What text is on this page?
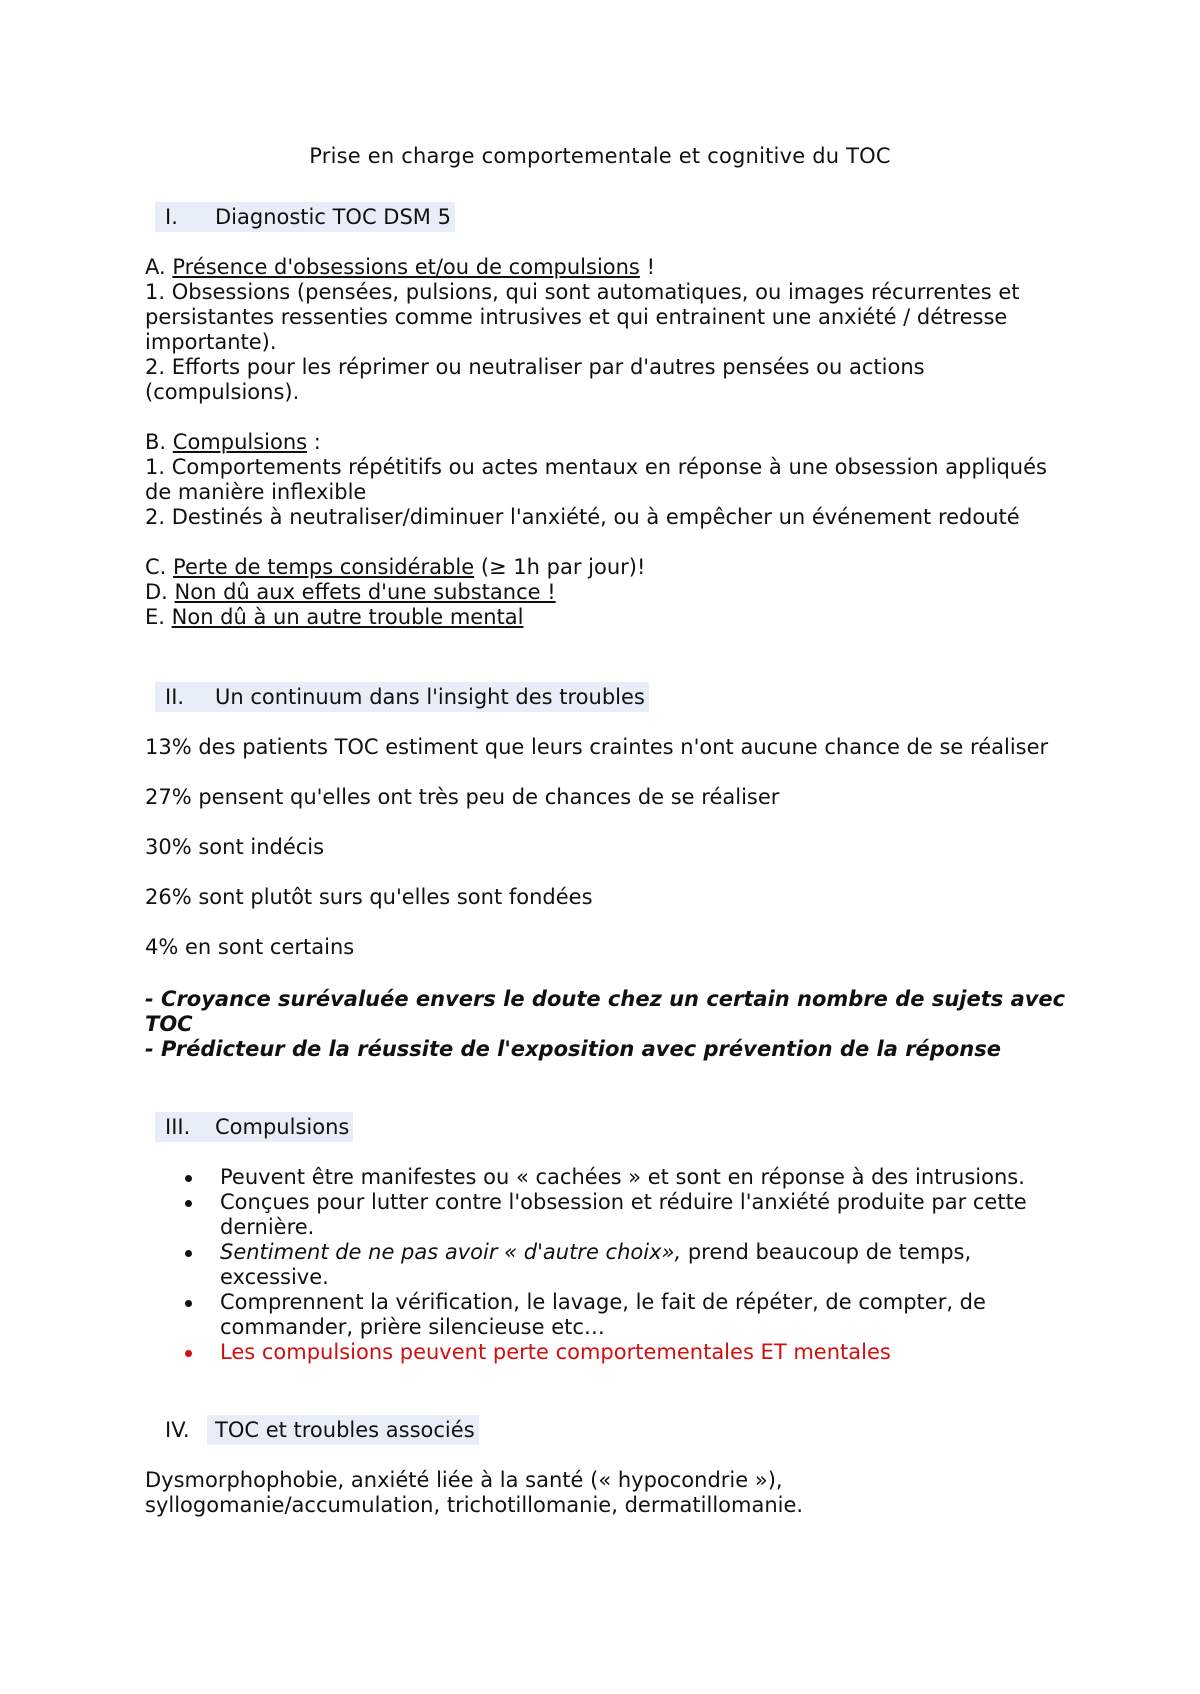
Prise en charge comportementale et cognitive du TOC
I.	Diagnostic TOC DSM 5

A. Présence d'obsessions et/ou de compulsions !

1. Obsessions (pensées, pulsions, qui sont automatiques, ou images récurrentes et persistantes ressenties comme intrusives et qui entrainent une anxiété / détresse importante).

2. Efforts pour les réprimer ou neutraliser par d'autres pensées ou actions (compulsions).

B. Compulsions :

1. Comportements répétitifs ou actes mentaux en réponse à une obsession appliqués de manière inflexible

2. Destinés à neutraliser/diminuer l'anxiété, ou à empêcher un événement redouté

C. Perte de temps considérable (≥ 1h par jour)!

D. Non dû aux effets d'une substance !

E. Non dû à un autre trouble mental

II.	Un continuum dans l'insight des troubles

13% des patients TOC estiment que leurs craintes n'ont aucune chance de se réaliser

27% pensent qu'elles ont très peu de chances de se réaliser

30% sont indécis

26% sont plutôt surs qu'elles sont fondées

4% en sont certains

- Croyance surévaluée envers le doute chez un certain nombre de sujets avec TOC

- Prédicteur de la réussite de l'exposition avec prévention de la réponse

III.	Compulsions
Peuvent être manifestes ou « cachées » et sont en réponse à des intrusions.
Conçues pour lutter contre l'obsession et réduire l'anxiété produite par cette dernière.
Sentiment de ne pas avoir « d'autre choix», prend beaucoup de temps, excessive.
Comprennent la vérification, le lavage, le fait de répéter, de compter, de commander, prière silencieuse etc…
Les compulsions peuvent perte comportementales ET mentales
IV.	TOC et troubles associés

Dysmorphophobie, anxiété liée à la santé (« hypocondrie »), syllogomanie/accumulation, trichotillomanie, dermatillomanie.
